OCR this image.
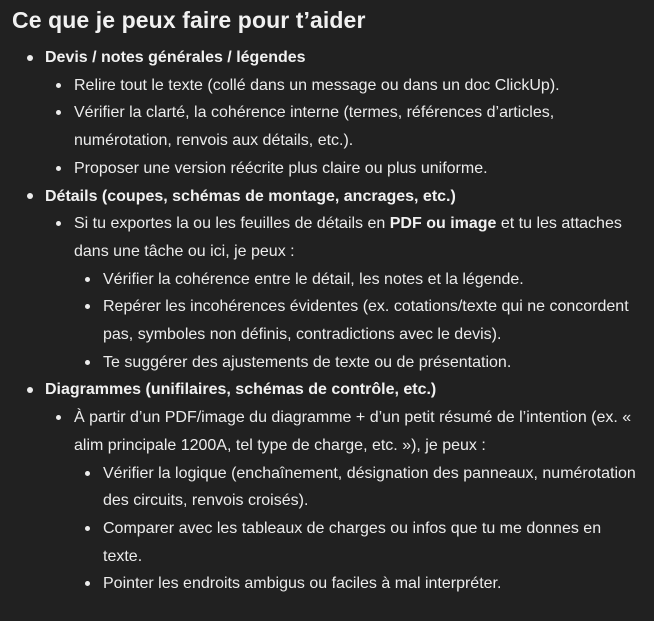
Ce que je peux faire pour t’aider
Devis / notes générales / légendes
Relire tout le texte (collé dans un message ou dans un doc ClickUp).
Vérifier la clarté, la cohérence interne (termes, références d’articles, numérotation, renvois aux détails, etc.).
Proposer une version réécrite plus claire ou plus uniforme.
Détails (coupes, schémas de montage, ancrages, etc.)
Si tu exportes la ou les feuilles de détails en PDF ou image et tu les attaches dans une tâche ou ici, je peux :
Vérifier la cohérence entre le détail, les notes et la légende.
Repérer les incohérences évidentes (ex. cotations/texte qui ne concordent pas, symboles non définis, contradictions avec le devis).
Te suggérer des ajustements de texte ou de présentation.
Diagrammes (unifilaires, schémas de contrôle, etc.)
À partir d’un PDF/image du diagramme + d’un petit résumé de l’intention (ex. « alim principale 1200A, tel type de charge, etc. »), je peux :
Vérifier la logique (enchaînement, désignation des panneaux, numérotation des circuits, renvois croisés).
Comparer avec les tableaux de charges ou infos que tu me donnes en texte.
Pointer les endroits ambigus ou faciles à mal interpréter.
